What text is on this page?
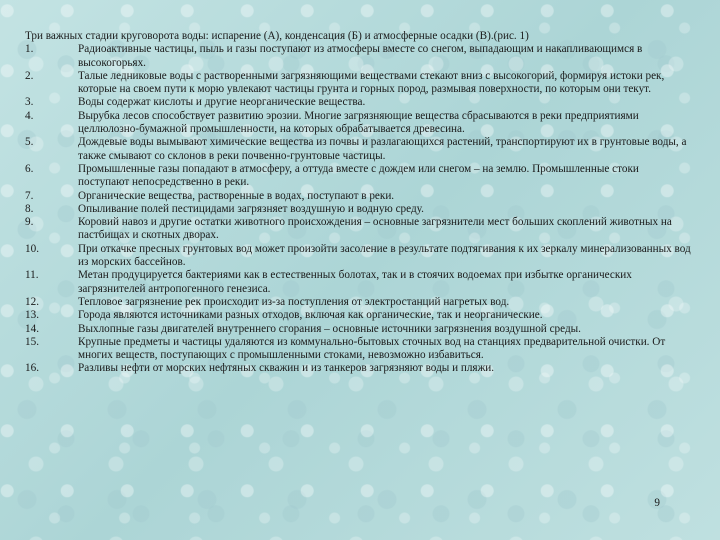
Три важных стадии круговорота воды: испарение (А), конденсация (Б) и атмосферные осадки (В).(рис. 1)

1.	Радиоактивные частицы, пыль и газы поступают из атмосферы вместе со снегом, выпадающим и накапливающимся в высокогорьях.
2.	Талые ледниковые воды с растворенными загрязняющими веществами стекают вниз с высокогорий, формируя истоки рек, которые на своем пути к морю увлекают частицы грунта и горных пород, размывая поверхности, по которым они текут.
3.	Воды содержат кислоты и другие неорганические вещества.
4.	Вырубка лесов способствует развитию эрозии. Многие загрязняющие вещества сбрасываются в реки предприятиями целлюлозно-бумажной промышленности, на которых обрабатывается древесина.
5.	Дождевые воды вымывают химические вещества из почвы и разлагающихся растений, транспортируют их в грунтовые воды, а также смывают со склонов в реки почвенно-грунтовые частицы.
6.	Промышленные газы попадают в атмосферу, а оттуда вместе с дождем или снегом – на землю. Промышленные стоки поступают непосредственно в реки.
7.	Органические вещества, растворенные в водах, поступают в реки.
8.	Опыливание полей пестицидами загрязняет воздушную и водную среду.
9.	Коровий навоз и другие остатки животного происхождения – основные загрязнители мест больших скоплений животных на пастбищах и скотных дворах.
10.	При откачке пресных грунтовых вод может произойти засоление в результате подтягивания к их зеркалу минерализованных вод из морских бассейнов.
11.	Метан продуцируется бактериями как в естественных болотах, так и в стоячих водоемах при избытке органических загрязнителей антропогенного генезиса.
12.	Тепловое загрязнение рек происходит из-за поступления от электростанций нагретых вод.
13.	Города являются источниками разных отходов, включая как органические, так и неорганические.
14.	Выхлопные газы двигателей внутреннего сгорания – основные источники загрязнения воздушной среды.
15.	Крупные предметы и частицы удаляются из коммунально-бытовых сточных вод на станциях предварительной очистки. От многих веществ, поступающих с промышленными стоками, невозможно избавиться.
16.	Разливы нефти от морских нефтяных скважин и из танкеров загрязняют воды и пляжи.
9
